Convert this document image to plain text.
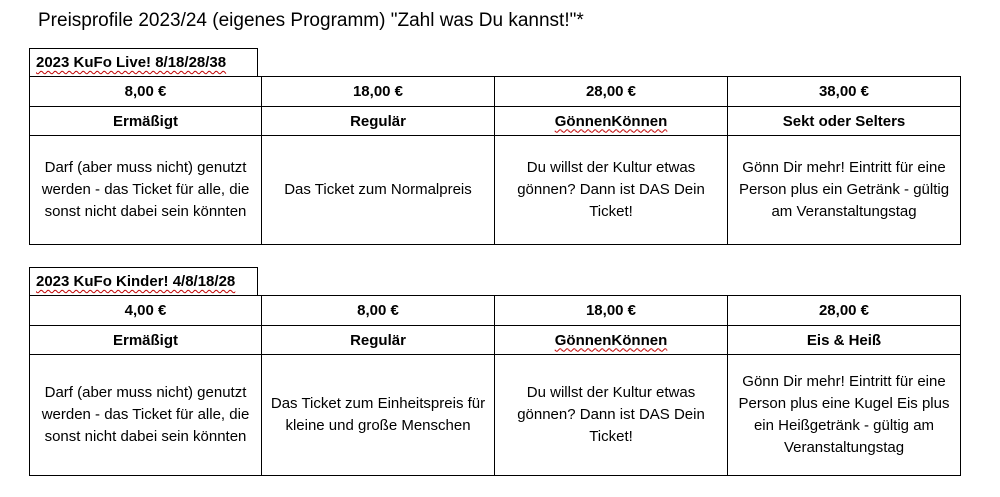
Preisprofile 2023/24 (eigenes Programm) "Zahl was Du kannst!"*
2023 KuFo Live! 8/18/28/38
8,00 €	18,00 €	28,00 €	38,00 €
Ermäßigt	Regulär	GönnenKönnen	Sekt oder Selters
Darf (aber muss nicht) genutzt werden - das Ticket für alle, die sonst nicht dabei sein könnten	Das Ticket zum Normalpreis	Du willst der Kultur etwas gönnen? Dann ist DAS Dein Ticket!	Gönn Dir mehr! Eintritt für eine Person plus ein Getränk - gültig am Veranstaltungstag
2023 KuFo Kinder! 4/8/18/28
4,00 €	8,00 €	18,00 €	28,00 €
Ermäßigt	Regulär	GönnenKönnen	Eis & Heiß
Darf (aber muss nicht) genutzt werden - das Ticket für alle, die sonst nicht dabei sein könnten	Das Ticket zum Einheitspreis für kleine und große Menschen	Du willst der Kultur etwas gönnen? Dann ist DAS Dein Ticket!	Gönn Dir mehr! Eintritt für eine Person plus eine Kugel Eis plus ein Heißgetränk - gültig am Veranstaltungstag
